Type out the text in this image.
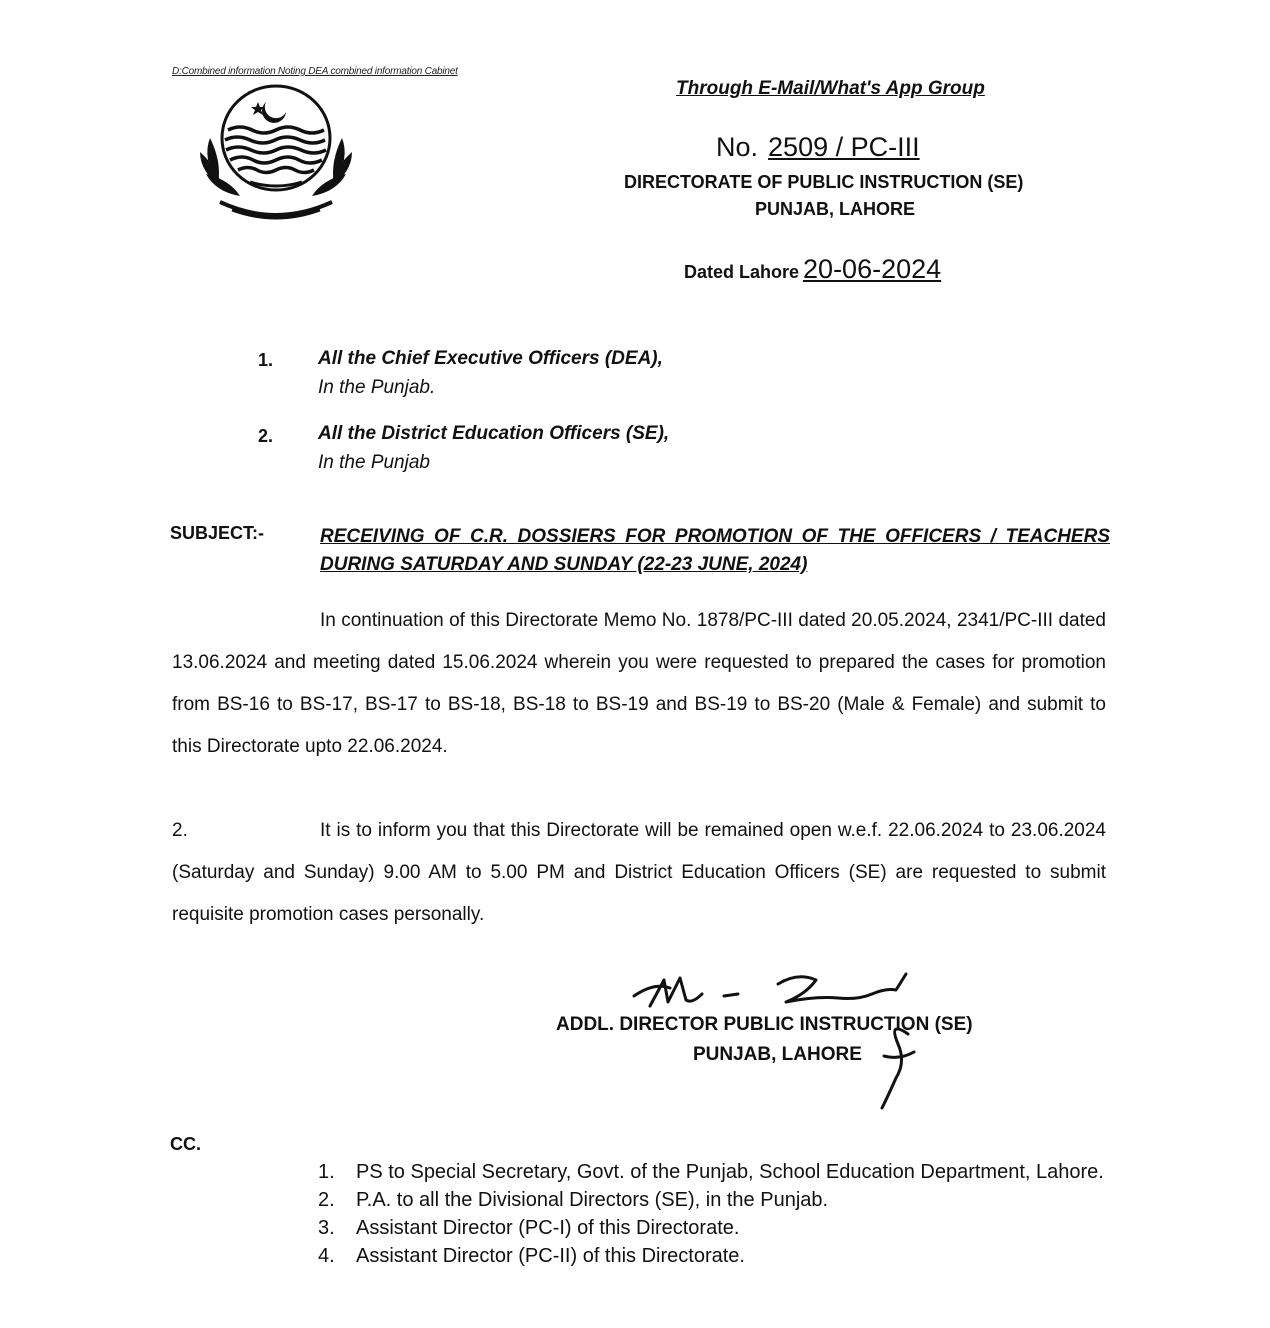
D:Combined information Noting DEA combined information Cabinet
Through E-Mail/What's App Group
No. 2509 / PC-III
DIRECTORATE OF PUBLIC INSTRUCTION (SE)
PUNJAB, LAHORE
Dated Lahore 20-06-2024
1. All the Chief Executive Officers (DEA),
In the Punjab.
2. All the District Education Officers (SE),
In the Punjab
SUBJECT:-	RECEIVING OF C.R. DOSSIERS FOR PROMOTION OF THE OFFICERS / TEACHERS DURING SATURDAY AND SUNDAY (22-23 JUNE, 2024)
In continuation of this Directorate Memo No. 1878/PC-III dated 20.05.2024, 2341/PC-III dated 13.06.2024 and meeting dated 15.06.2024 wherein you were requested to prepared the cases for promotion from BS-16 to BS-17, BS-17 to BS-18, BS-18 to BS-19 and BS-19 to BS-20 (Male & Female) and submit to this Directorate upto 22.06.2024.
2.	It is to inform you that this Directorate will be remained open w.e.f. 22.06.2024 to 23.06.2024 (Saturday and Sunday) 9.00 AM to 5.00 PM and District Education Officers (SE) are requested to submit requisite promotion cases personally.
ADDL. DIRECTOR PUBLIC INSTRUCTION (SE)
PUNJAB, LAHORE
CC.
1.	PS to Special Secretary, Govt. of the Punjab, School Education Department, Lahore.
2.	P.A. to all the Divisional Directors (SE), in the Punjab.
3.	Assistant Director (PC-I) of this Directorate.
4.	Assistant Director (PC-II) of this Directorate.
